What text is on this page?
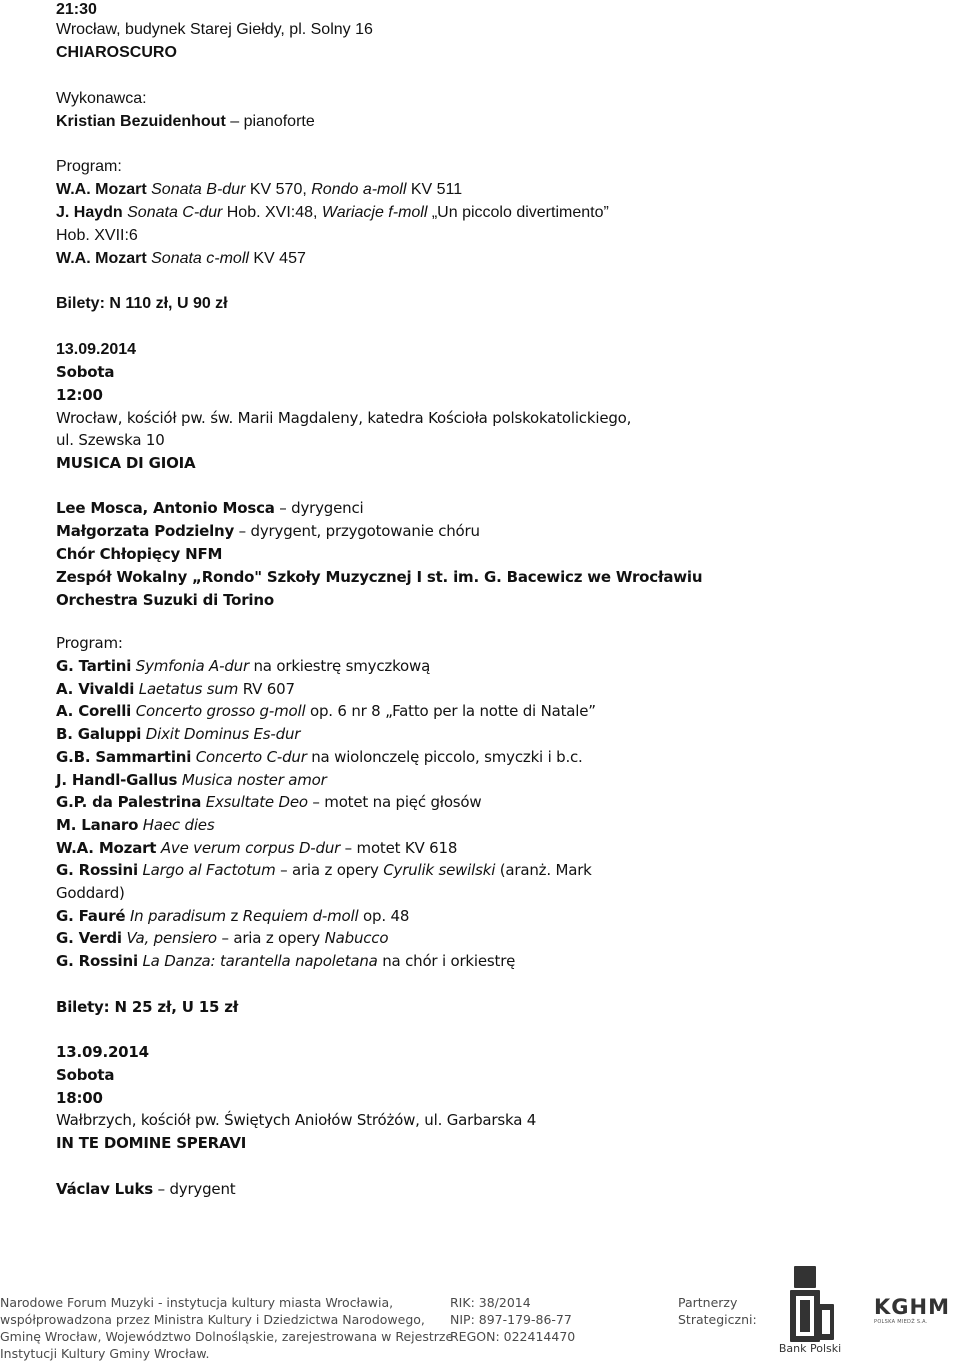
21:30
Wrocław, budynek Starej Giełdy, pl. Solny 16
CHIAROSCURO
Wykonawca:
Kristian Bezuidenhout – pianoforte
Program:
W.A. Mozart Sonata B-dur KV 570, Rondo a-moll KV 511
J. Haydn Sonata C-dur Hob. XVI:48, Wariacje f-moll „Un piccolo divertimento”
Hob. XVII:6
W.A. Mozart Sonata c-moll KV 457
Bilety: N 110 zł, U 90 zł
13.09.2014
Sobota
12:00
Wrocław, kościół pw. św. Marii Magdaleny, katedra Kościoła polskokatolickiego,
ul. Szewska 10
MUSICA DI GIOIA
Lee Mosca, Antonio Mosca – dyrygenci
Małgorzata Podzielny – dyrygent, przygotowanie chóru
Chór Chłopięcy NFM
Zespół Wokalny „Rondo" Szkoły Muzycznej I st. im. G. Bacewicz we Wrocławiu
Orchestra Suzuki di Torino
Program:
G. Tartini Symfonia A-dur na orkiestrę smyczkową
A. Vivaldi Laetatus sum RV 607
A. Corelli Concerto grosso g-moll op. 6 nr 8 „Fatto per la notte di Natale”
B. Galuppi Dixit Dominus Es-dur
G.B. Sammartini Concerto C-dur na wiolonczelę piccolo, smyczki i b.c.
J. Handl-Gallus Musica noster amor
G.P. da Palestrina Exsultate Deo – motet na pięć głosów
M. Lanaro Haec dies
W.A. Mozart Ave verum corpus D-dur – motet KV 618
G. Rossini Largo al Factotum – aria z opery Cyrulik sewilski (aranż. Mark
Goddard)
G. Fauré In paradisum z Requiem d-moll op. 48
G. Verdi Va, pensiero – aria z opery Nabucco
G. Rossini La Danza: tarantella napoletana na chór i orkiestrę
Bilety: N 25 zł, U 15 zł
13.09.2014
Sobota
18:00
Wałbrzych, kościół pw. Świętych Aniołów Stróżów, ul. Garbarska 4
IN TE DOMINE SPERAVI
Václav Luks – dyrygent
Narodowe Forum Muzyki - instytucja kultury miasta Wrocławia,
współprowadzona przez Ministra Kultury i Dziedzictwa Narodowego,
Gminę Wrocław, Województwo Dolnośląskie, zarejestrowana w Rejestrze
Instytucji Kultury Gminy Wrocław.
RIK: 38/2014
NIP: 897-179-86-77
REGON: 022414470
Partnerzy
Strategiczni:
Bank Polski
KGHM
POLSKA MIEDŹ S.A.
